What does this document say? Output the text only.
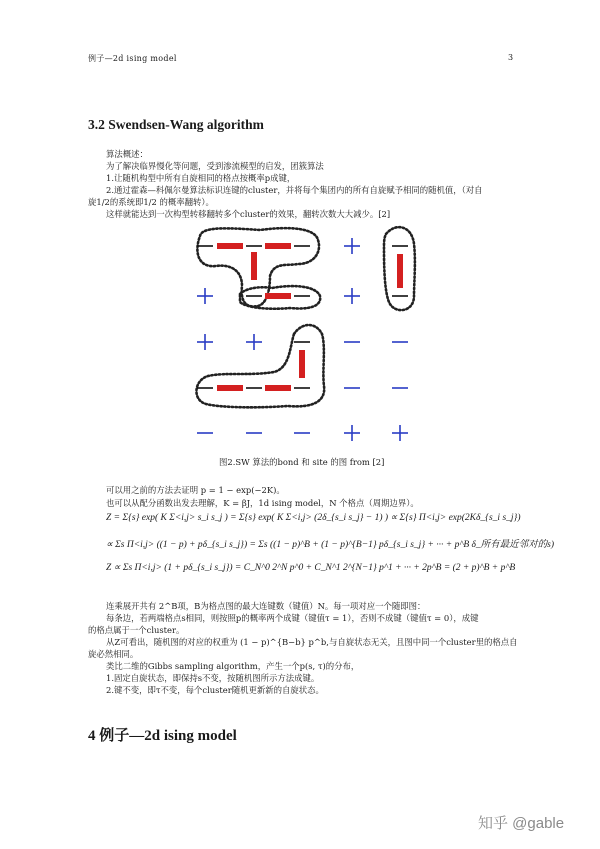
例子—2d ising model	3
3.2 Swendsen-Wang algorithm
算法概述：
为了解决临界慢化等问题，受到渗流模型的启发，团簇算法
1.让随机构型中所有自旋相同的格点按概率p成键，
2.通过霍森—科佩尔曼算法标识连键的cluster，并将每个集团内的所有自旋赋予相同的随机值，（对自
旋1/2的系统即1/2 的概率翻转）。
这样就能达到一次构型转移翻转多个cluster的效果，翻转次数大大减少。[2]
图2.SW 算法的bond 和 site 的图 from [2]
可以用之前的方法去证明 p = 1 − exp(−2K)。
也可以从配分函数出发去理解，K = βJ，1d ising model，N 个格点（周期边界）。
Z = Σ{s} exp( K Σ<i,j> s_i s_j ) = Σ{s} exp( K Σ<i,j> (2δ_{s_i s_j} − 1) ) ∝ Σ{s} Π<i,j> exp(2Kδ_{s_i s_j})
∝ Σs Π<i,j> ((1 − p) + pδ_{s_i s_j}) = Σs ((1 − p)^B + (1 − p)^{B−1} pδ_{s_i s_j} + ··· + p^B δ_所有最近邻对的s)
Z ∝ Σs Π<i,j> (1 + pδ_{s_i s_j}) = C_N^0 2^N p^0 + C_N^1 2^{N−1} p^1 + ··· + 2p^B = (2 + p)^B + p^B
连乘展开共有 2^B项，B为格点图的最大连键数（键值）N。每一项对应一个随即图：
每条边，若两端格点s相同，则按照p的概率两个成键（键值τ = 1），否则不成键（键值τ = 0），成键
的格点属于一个cluster。
从Z可看出，随机图的对应的权重为 (1 − p)^{B−b} p^b,与自旋状态无关，且图中同一个cluster里的格点自
旋必然相同。
类比二维的Gibbs sampling algorithm，产生一个p(s, τ)的分布，
1.固定自旋状态，即保持s不变，按随机图所示方法成键。
2.键不变，即τ不变，每个cluster随机更新新的自旋状态。
4 例子—2d ising model
知乎 @gable
